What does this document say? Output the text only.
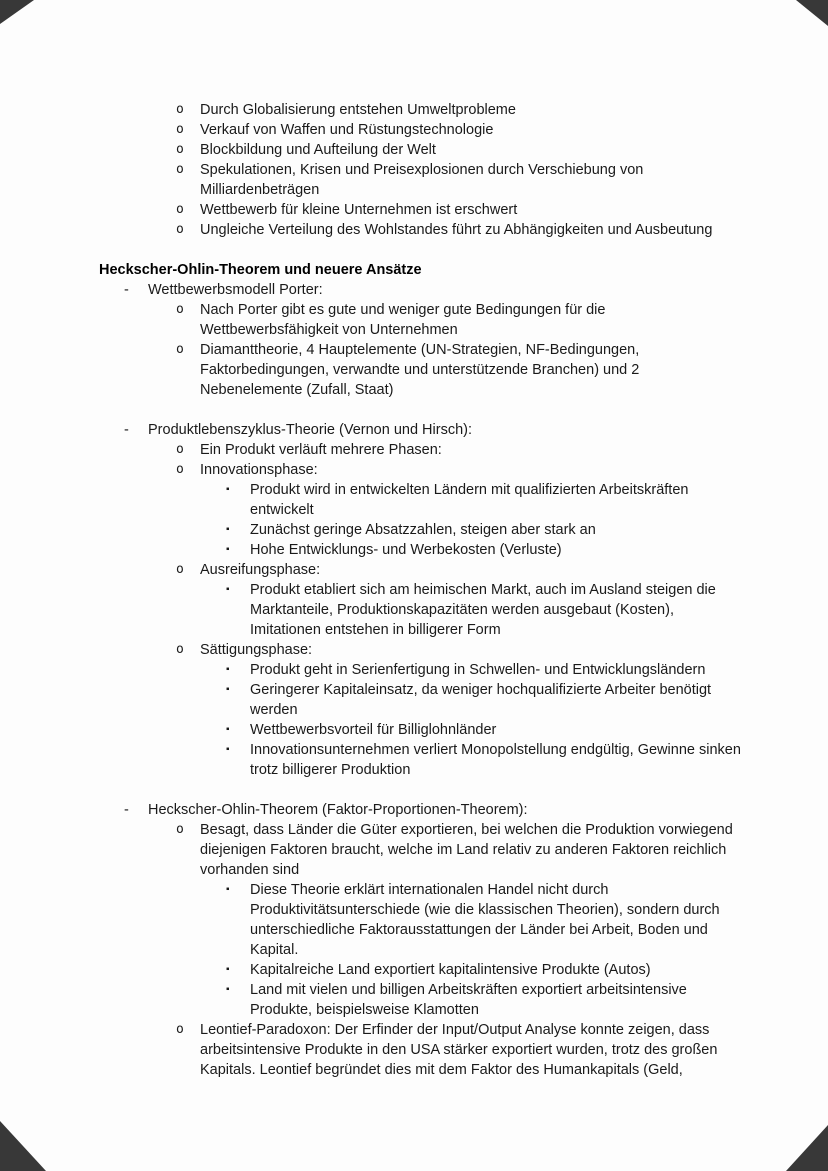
o	Durch Globalisierung entstehen Umweltprobleme
o	Verkauf von Waffen und Rüstungstechnologie
o	Blockbildung und Aufteilung der Welt
o	Spekulationen, Krisen und Preisexplosionen durch Verschiebung von Milliardenbeträgen
o	Wettbewerb für kleine Unternehmen ist erschwert
o	Ungleiche Verteilung des Wohlstandes führt zu Abhängigkeiten und Ausbeutung
Heckscher-Ohlin-Theorem und neuere Ansätze
-	Wettbewerbsmodell Porter:
o	Nach Porter gibt es gute und weniger gute Bedingungen für die Wettbewerbsfähigkeit von Unternehmen
o	Diamanttheorie, 4 Hauptelemente (UN-Strategien, NF-Bedingungen, Faktorbedingungen, verwandte und unterstützende Branchen) und 2 Nebenelemente (Zufall, Staat)
-	Produktlebenszyklus-Theorie (Vernon und Hirsch):
o	Ein Produkt verläuft mehrere Phasen:
o	Innovationsphase:
▪	Produkt wird in entwickelten Ländern mit qualifizierten Arbeitskräften entwickelt
▪	Zunächst geringe Absatzzahlen, steigen aber stark an
▪	Hohe Entwicklungs- und Werbekosten (Verluste)
o	Ausreifungsphase:
▪	Produkt etabliert sich am heimischen Markt, auch im Ausland steigen die Marktanteile, Produktionskapazitäten werden ausgebaut (Kosten), Imitationen entstehen in billigerer Form
o	Sättigungsphase:
▪	Produkt geht in Serienfertigung in Schwellen- und Entwicklungsländern
▪	Geringerer Kapitaleinsatz, da weniger hochqualifizierte Arbeiter benötigt werden
▪	Wettbewerbsvorteil für Billiglohnländer
▪	Innovationsunternehmen verliert Monopolstellung endgültig, Gewinne sinken trotz billigerer Produktion
-	Heckscher-Ohlin-Theorem (Faktor-Proportionen-Theorem):
o	Besagt, dass Länder die Güter exportieren, bei welchen die Produktion vorwiegend diejenigen Faktoren braucht, welche im Land relativ zu anderen Faktoren reichlich vorhanden sind
▪	Diese Theorie erklärt internationalen Handel nicht durch Produktivitätsunterschiede (wie die klassischen Theorien), sondern durch unterschiedliche Faktorausstattungen der Länder bei Arbeit, Boden und Kapital.
▪	Kapitalreiche Land exportiert kapitalintensive Produkte (Autos)
▪	Land mit vielen und billigen Arbeitskräften exportiert arbeitsintensive Produkte, beispielsweise Klamotten
o	Leontief-Paradoxon: Der Erfinder der Input/Output Analyse konnte zeigen, dass arbeitsintensive Produkte in den USA stärker exportiert wurden, trotz des großen Kapitals. Leontief begründet dies mit dem Faktor des Humankapitals (Geld,
